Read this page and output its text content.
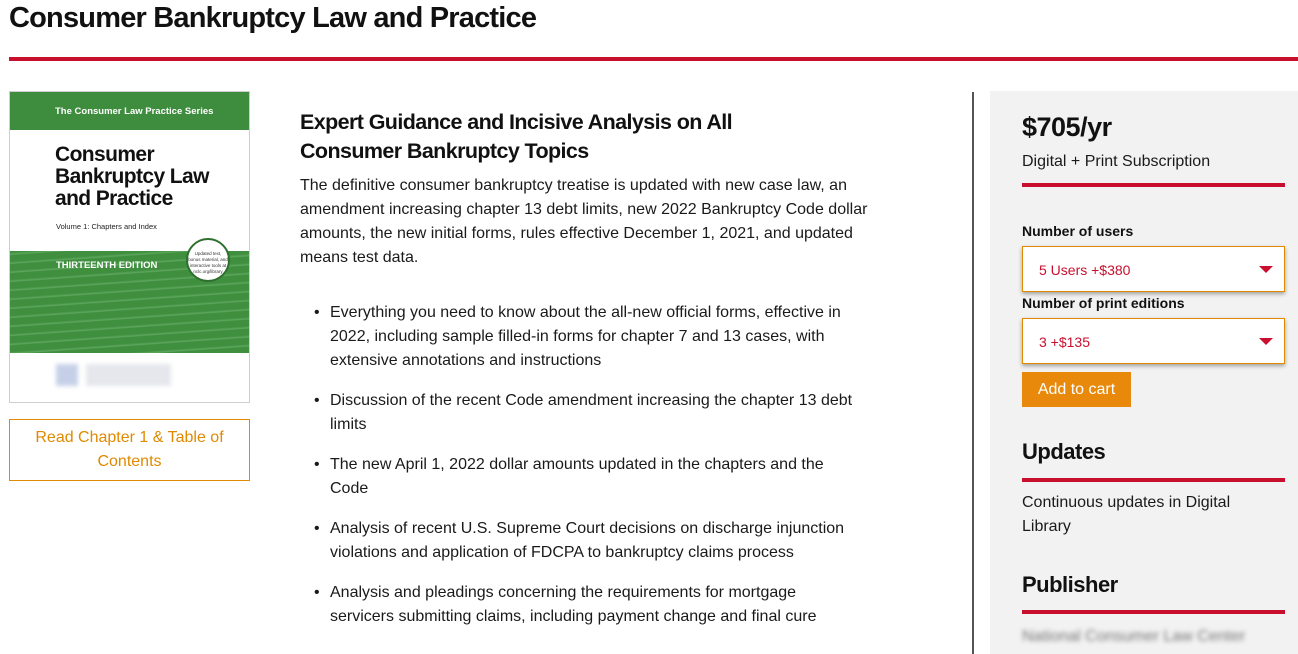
Consumer Bankruptcy Law and Practice
The Consumer Law Practice Series
Consumer Bankruptcy Law and Practice
Volume 1: Chapters and Index
THIRTEENTH EDITION
Updated text, bonus material, and interactive tools at nclc.org/library
Read Chapter 1 & Table of Contents
Expert Guidance and Incisive Analysis on All Consumer Bankruptcy Topics

The definitive consumer bankruptcy treatise is updated with new case law, an amendment increasing chapter 13 debt limits, new 2022 Bankruptcy Code dollar amounts, the new initial forms, rules effective December 1, 2021, and updated means test data.

• Everything you need to know about the all-new official forms, effective in 2022, including sample filled-in forms for chapter 7 and 13 cases, with extensive annotations and instructions
• Discussion of the recent Code amendment increasing the chapter 13 debt limits
• The new April 1, 2022 dollar amounts updated in the chapters and the Code
• Analysis of recent U.S. Supreme Court decisions on discharge injunction violations and application of FDCPA to bankruptcy claims process
• Analysis and pleadings concerning the requirements for mortgage servicers submitting claims, including payment change and final cure
$705/yr
Digital + Print Subscription
Number of users
5 Users +$380
Number of print editions
3 +$135
Add to cart
Updates
Continuous updates in Digital Library
Publisher
National Consumer Law Center
